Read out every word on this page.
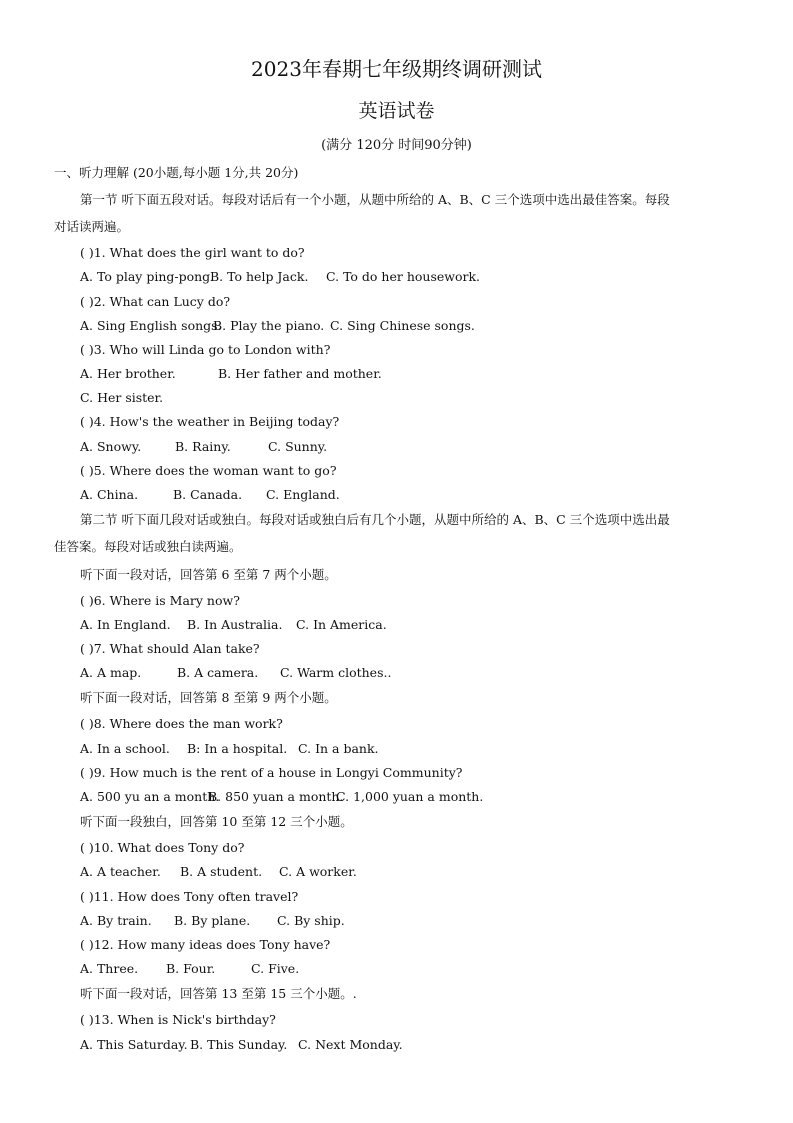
2023年春期七年级期终调研测试
英语试卷
(满分 120分 时间90分钟)
一、听力理解 (20小题,每小题 1分,共 20分)
第一节 听下面五段对话。每段对话后有一个小题，从题中所给的 A、B、C 三个选项中选出最佳答案。每段
对话读两遍。
( )1. What does the girl want to do?
A. To play ping-pong.
B. To help Jack. C. To do her housework.
( )2. What can Lucy do?
A. Sing English songs.
B. Play the piano. C. Sing Chinese songs.
( )3. Who will Linda go to London with?
A. Her brother.	B. Her father and mother.
C. Her sister.
( )4. How's the weather in Beijing today?
A. Snowy.	B. Rainy.	C. Sunny.
( )5. Where does the woman want to go?
A. China.	B. Canada. C. England.
第二节 听下面几段对话或独白。每段对话或独白后有几个小题，从题中所给的 A、B、C 三个选项中选出最
佳答案。每段对话或独白读两遍。
听下面一段对话，回答第 6 至第 7 两个小题。
( )6. Where is Mary now?
A. In England. B. In Australia. C. In America.
( )7. What should Alan take?
A. A map.	B. A camera. C. Warm clothes..
听下面一段对话，回答第 8 至第 9 两个小题。
( )8. Where does the man work?
A. In a school. B: In a hospital. C. In a bank.
( )9. How much is the rent of a house in Longyi Community?
A. 500 yu an a month.
B. 850 yuan a month.
C. 1,000 yuan a month.
听下面一段独白，回答第 10 至第 12 三个小题。
( )10. What does Tony do?
A. A teacher. B. A student. C. A worker.
( )11. How does Tony often travel?
A. By train. B. By plane. C. By ship.
( )12. How many ideas does Tony have?
A. Three. B. Four.	C. Five.
听下面一段对话，回答第 13 至第 15 三个小题。.
( )13. When is Nick's birthday?
A. This Saturday. B. This Sunday. C. Next Monday.
